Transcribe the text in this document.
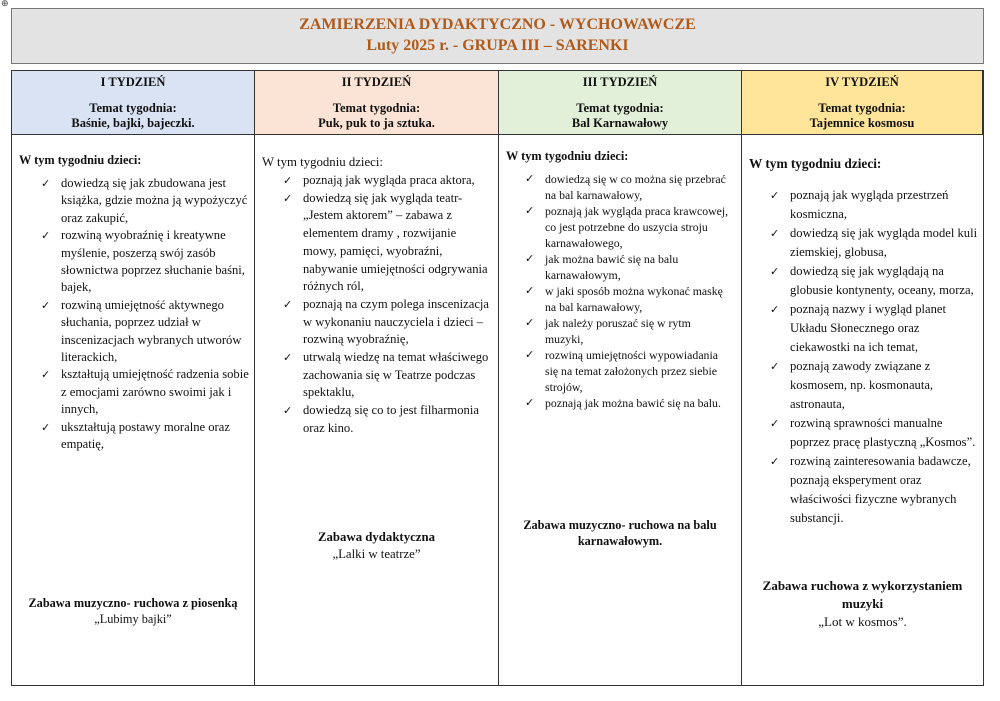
⊕
ZAMIERZENIA DYDAKTYCZNO - WYCHOWAWCZE
Luty 2025 r. - GRUPA III – SARENKI
I TYDZIEŃ
Temat tygodnia:
Baśnie, bajki, bajeczki.
II TYDZIEŃ
Temat tygodnia:
Puk, puk to ja sztuka.
III TYDZIEŃ
Temat tygodnia:
Bal Karnawałowy
IV TYDZIEŃ
Temat tygodnia:
Tajemnice kosmosu

W tym tygodniu dzieci:

✓ dowiedzą się jak zbudowana jest książka, gdzie można ją wypożyczyć oraz zakupić,
✓ rozwiną wyobraźnię i kreatywne myślenie, poszerzą swój zasób słownictwa poprzez słuchanie baśni, bajek,
✓ rozwiną umiejętność aktywnego słuchania, poprzez udział w inscenizacjach wybranych utworów literackich,
✓ kształtują umiejętność radzenia sobie z emocjami zarówno swoimi jak i innych,
✓ ukształtują postawy moralne oraz empatię,
Zabawa muzyczno- ruchowa z piosenką
„Lubimy bajki”

W tym tygodniu dzieci:

✓ poznają jak wygląda praca aktora,
✓ dowiedzą się jak wygląda teatr- „Jestem aktorem” – zabawa z elementem dramy , rozwijanie mowy, pamięci, wyobraźni, nabywanie umiejętności odgrywania różnych ról,
✓ poznają na czym polega inscenizacja w wykonaniu nauczyciela i dzieci – rozwiną wyobraźnię,
✓ utrwalą wiedzę na temat właściwego zachowania się w Teatrze podczas spektaklu,
✓ dowiedzą się co to jest filharmonia oraz kino.
Zabawa dydaktyczna
„Lalki w teatrze”

W tym tygodniu dzieci:

✓ dowiedzą się w co można się przebrać na bal karnawałowy,
✓ poznają jak wygląda praca krawcowej, co jest potrzebne do uszycia stroju karnawałowego,
✓ jak można bawić się na balu karnawałowym,
✓ w jaki sposób można wykonać maskę na bal karnawałowy,
✓ jak należy poruszać się w rytm muzyki,
✓ rozwiną umiejętności wypowiadania się na temat założonych przez siebie strojów,
✓ poznają jak można bawić się na balu.
Zabawa muzyczno- ruchowa na balu karnawałowym.

W tym tygodniu dzieci:

✓ poznają jak wygląda przestrzeń kosmiczna,
✓ dowiedzą się jak wygląda model kuli ziemskiej, globusa,
✓ dowiedzą się jak wyglądają na globusie kontynenty, oceany, morza,
✓ poznają nazwy i wygląd planet Układu Słonecznego oraz ciekawostki na ich temat,
✓ poznają zawody związane z kosmosem, np. kosmonauta, astronauta,
✓ rozwiną sprawności manualne poprzez pracę plastyczną „Kosmos”.
✓ rozwiną zainteresowania badawcze, poznają eksperyment oraz właściwości fizyczne wybranych substancji.
Zabawa ruchowa z wykorzystaniem muzyki
„Lot w kosmos”.
